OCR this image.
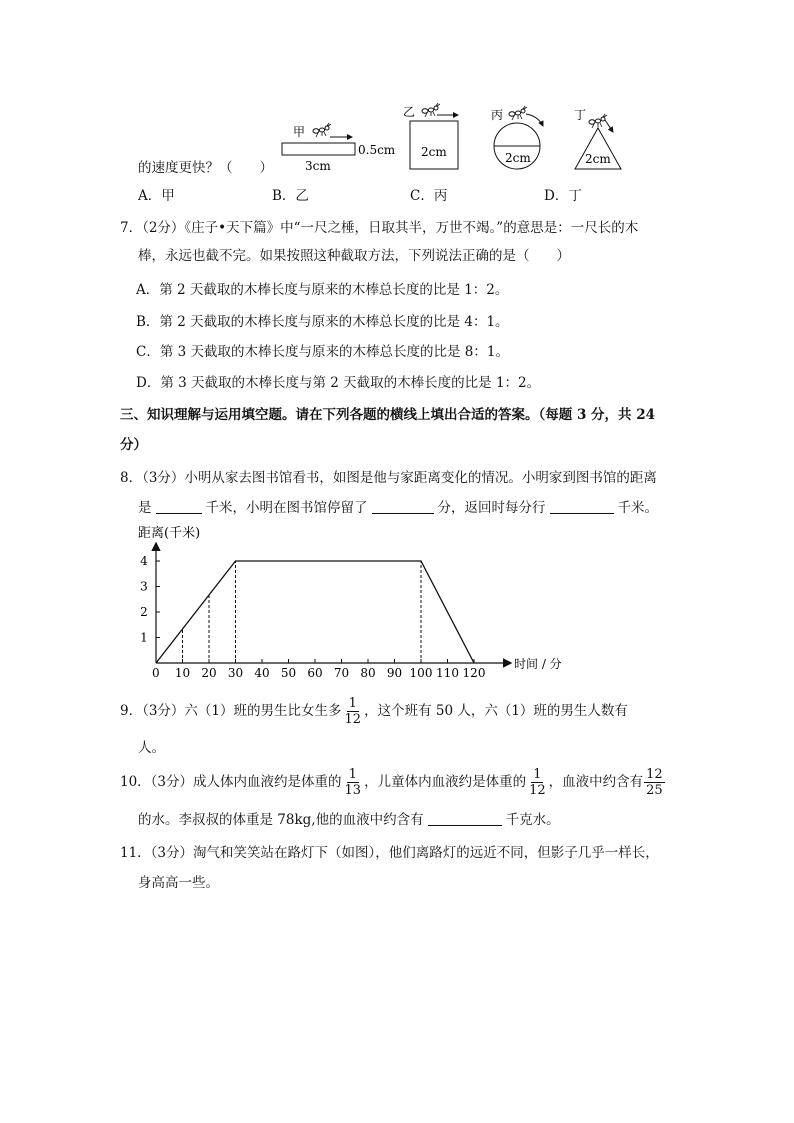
甲
0.5cm
3cm
乙
2cm
丙
2cm
丁
2cm
的速度更快？（　　）
A．甲	B．乙	C．丙	D．丁
7．（2分）《庄子•天下篇》中“一尺之棰，日取其半，万世不竭。”的意思是：一尺长的木
棒，永远也截不完。如果按照这种截取方法，下列说法正确的是（　　）
A．第 2 天截取的木棒长度与原来的木棒总长度的比是 1：2。
B．第 2 天截取的木棒长度与原来的木棒总长度的比是 4：1。
C．第 3 天截取的木棒长度与原来的木棒总长度的比是 8：1。
D．第 3 天截取的木棒长度与第 2 天截取的木棒长度的比是 1：2。
三、知识理解与运用填空题。请在下列各题的横线上填出合适的答案。（每题 3 分，共 24
分）
8．（3分）小明从家去图书馆看书，如图是他与家距离变化的情况。小明家到图书馆的距离
是	千米，小明在图书馆停留了	分，返回时每分行	千米。
距离(千米)
时间 / 分
0 10 20 30 40 50 60 70 80 90 100 110 120
1
2
3
4
9．（3分）六（1）班的男生比女生多 $\frac{1}{12}$ ，这个班有 50 人，六（1）班的男生人数有
人。
10．（3分）成人体内血液约是体重的 $\frac{1}{13}$ ，儿童体内血液约是体重的 $\frac{1}{12}$ ，血液中约含有 $\frac{12}{25}$
的水。李叔叔的体重是 78kg,他的血液中约含有	千克水。
11．（3分）淘气和笑笑站在路灯下（如图），他们离路灯的远近不同，但影子几乎一样长，
身高高一些。
